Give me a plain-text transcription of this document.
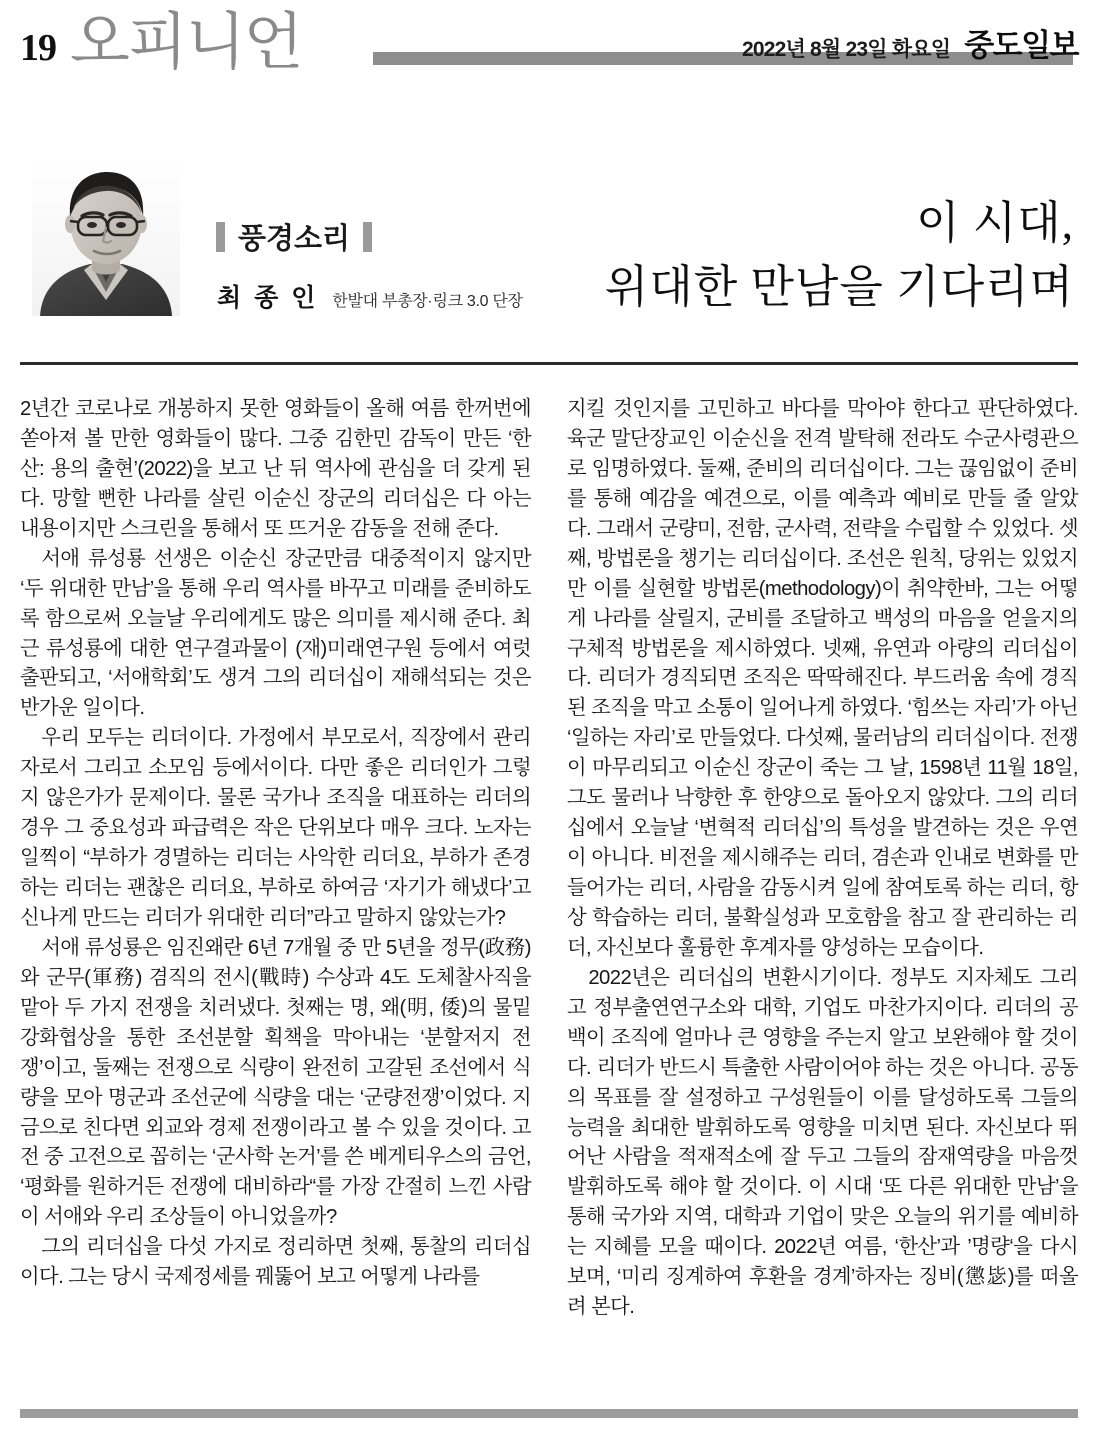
19 오피니언	2022년 8월 23일 화요일 중도일보
풍경소리
최 종 인 한발대 부총장·링크 3.0 단장
이 시대,
위대한 만남을 기다리며

2년간 코로나로 개봉하지 못한 영화들이 올해 여름 한꺼번에 쏟아져 볼 만한 영화들이 많다. 그중 김한민 감독이 만든 ‘한산: 용의 출현’(2022)을 보고 난 뒤 역사에 관심을 더 갖게 된다. 망할 뻔한 나라를 살린 이순신 장군의 리더십은 다 아는 내용이지만 스크린을 통해서 또 뜨거운 감동을 전해 준다.

서애 류성룡 선생은 이순신 장군만큼 대중적이지 않지만 ‘두 위대한 만남’을 통해 우리 역사를 바꾸고 미래를 준비하도록 함으로써 오늘날 우리에게도 많은 의미를 제시해 준다. 최근 류성룡에 대한 연구결과물이 (재)미래연구원 등에서 여럿 출판되고, ‘서애학회’도 생겨 그의 리더십이 재해석되는 것은 반가운 일이다.

우리 모두는 리더이다. 가정에서 부모로서, 직장에서 관리자로서 그리고 소모임 등에서이다. 다만 좋은 리더인가 그렇지 않은가가 문제이다. 물론 국가나 조직을 대표하는 리더의 경우 그 중요성과 파급력은 작은 단위보다 매우 크다. 노자는 일찍이 “부하가 경멸하는 리더는 사악한 리더요, 부하가 존경하는 리더는 괜찮은 리더요, 부하로 하여금 ‘자기가 해냈다’고 신나게 만드는 리더가 위대한 리더”라고 말하지 않았는가?

서애 류성룡은 임진왜란 6년 7개월 중 만 5년을 정무(政務)와 군무(軍務) 겸직의 전시(戰時) 수상과 4도 도체찰사직을 맡아 두 가지 전쟁을 치러냈다. 첫째는 명, 왜(明, 倭)의 물밑 강화협상을 통한 조선분할 획책을 막아내는 ‘분할저지 전쟁’이고, 둘째는 전쟁으로 식량이 완전히 고갈된 조선에서 식량을 모아 명군과 조선군에 식량을 대는 ‘군량전쟁’이었다. 지금으로 친다면 외교와 경제 전쟁이라고 볼 수 있을 것이다. 고전 중 고전으로 꼽히는 ‘군사학 논거’를 쓴 베게티우스의 금언, ‘평화를 원하거든 전쟁에 대비하라“를 가장 간절히 느낀 사람이 서애와 우리 조상들이 아니었을까?

그의 리더십을 다섯 가지로 정리하면 첫째, 통찰의 리더십이다. 그는 당시 국제정세를 꿰뚫어 보고 어떻게 나라를

지킬 것인지를 고민하고 바다를 막아야 한다고 판단하였다. 육군 말단장교인 이순신을 전격 발탁해 전라도 수군사령관으로 임명하였다. 둘째, 준비의 리더십이다. 그는 끊임없이 준비를 통해 예감을 예견으로, 이를 예측과 예비로 만들 줄 알았다. 그래서 군량미, 전함, 군사력, 전략을 수립할 수 있었다. 셋째, 방법론을 챙기는 리더십이다. 조선은 원칙, 당위는 있었지만 이를 실현할 방법론(methodology)이 취약한바, 그는 어떻게 나라를 살릴지, 군비를 조달하고 백성의 마음을 얻을지의 구체적 방법론을 제시하였다. 넷째, 유연과 아량의 리더십이다. 리더가 경직되면 조직은 딱딱해진다. 부드러움 속에 경직된 조직을 막고 소통이 일어나게 하였다. ‘힘쓰는 자리’가 아닌 ‘일하는 자리’로 만들었다. 다섯째, 물러남의 리더십이다. 전쟁이 마무리되고 이순신 장군이 죽는 그 날, 1598년 11월 18일, 그도 물러나 낙향한 후 한양으로 돌아오지 않았다. 그의 리더십에서 오늘날 ‘변혁적 리더십’의 특성을 발견하는 것은 우연이 아니다. 비전을 제시해주는 리더, 겸손과 인내로 변화를 만들어가는 리더, 사람을 감동시켜 일에 참여토록 하는 리더, 항상 학습하는 리더, 불확실성과 모호함을 참고 잘 관리하는 리더, 자신보다 훌륭한 후계자를 양성하는 모습이다.

2022년은 리더십의 변환시기이다. 정부도 지자체도 그리고 정부출연연구소와 대학, 기업도 마찬가지이다. 리더의 공백이 조직에 얼마나 큰 영향을 주는지 알고 보완해야 할 것이다. 리더가 반드시 특출한 사람이어야 하는 것은 아니다. 공동의 목표를 잘 설정하고 구성원들이 이를 달성하도록 그들의 능력을 최대한 발휘하도록 영향을 미치면 된다. 자신보다 뛰어난 사람을 적재적소에 잘 두고 그들의 잠재역량을 마음껏 발휘하도록 해야 할 것이다. 이 시대 ‘또 다른 위대한 만남’을 통해 국가와 지역, 대학과 기업이 맞은 오늘의 위기를 예비하는 지혜를 모을 때이다. 2022년 여름, ‘한산’과 ’명량‘을 다시 보며, ‘미리 징계하여 후환을 경계’하자는 징비(懲毖)를 떠올려 본다.
